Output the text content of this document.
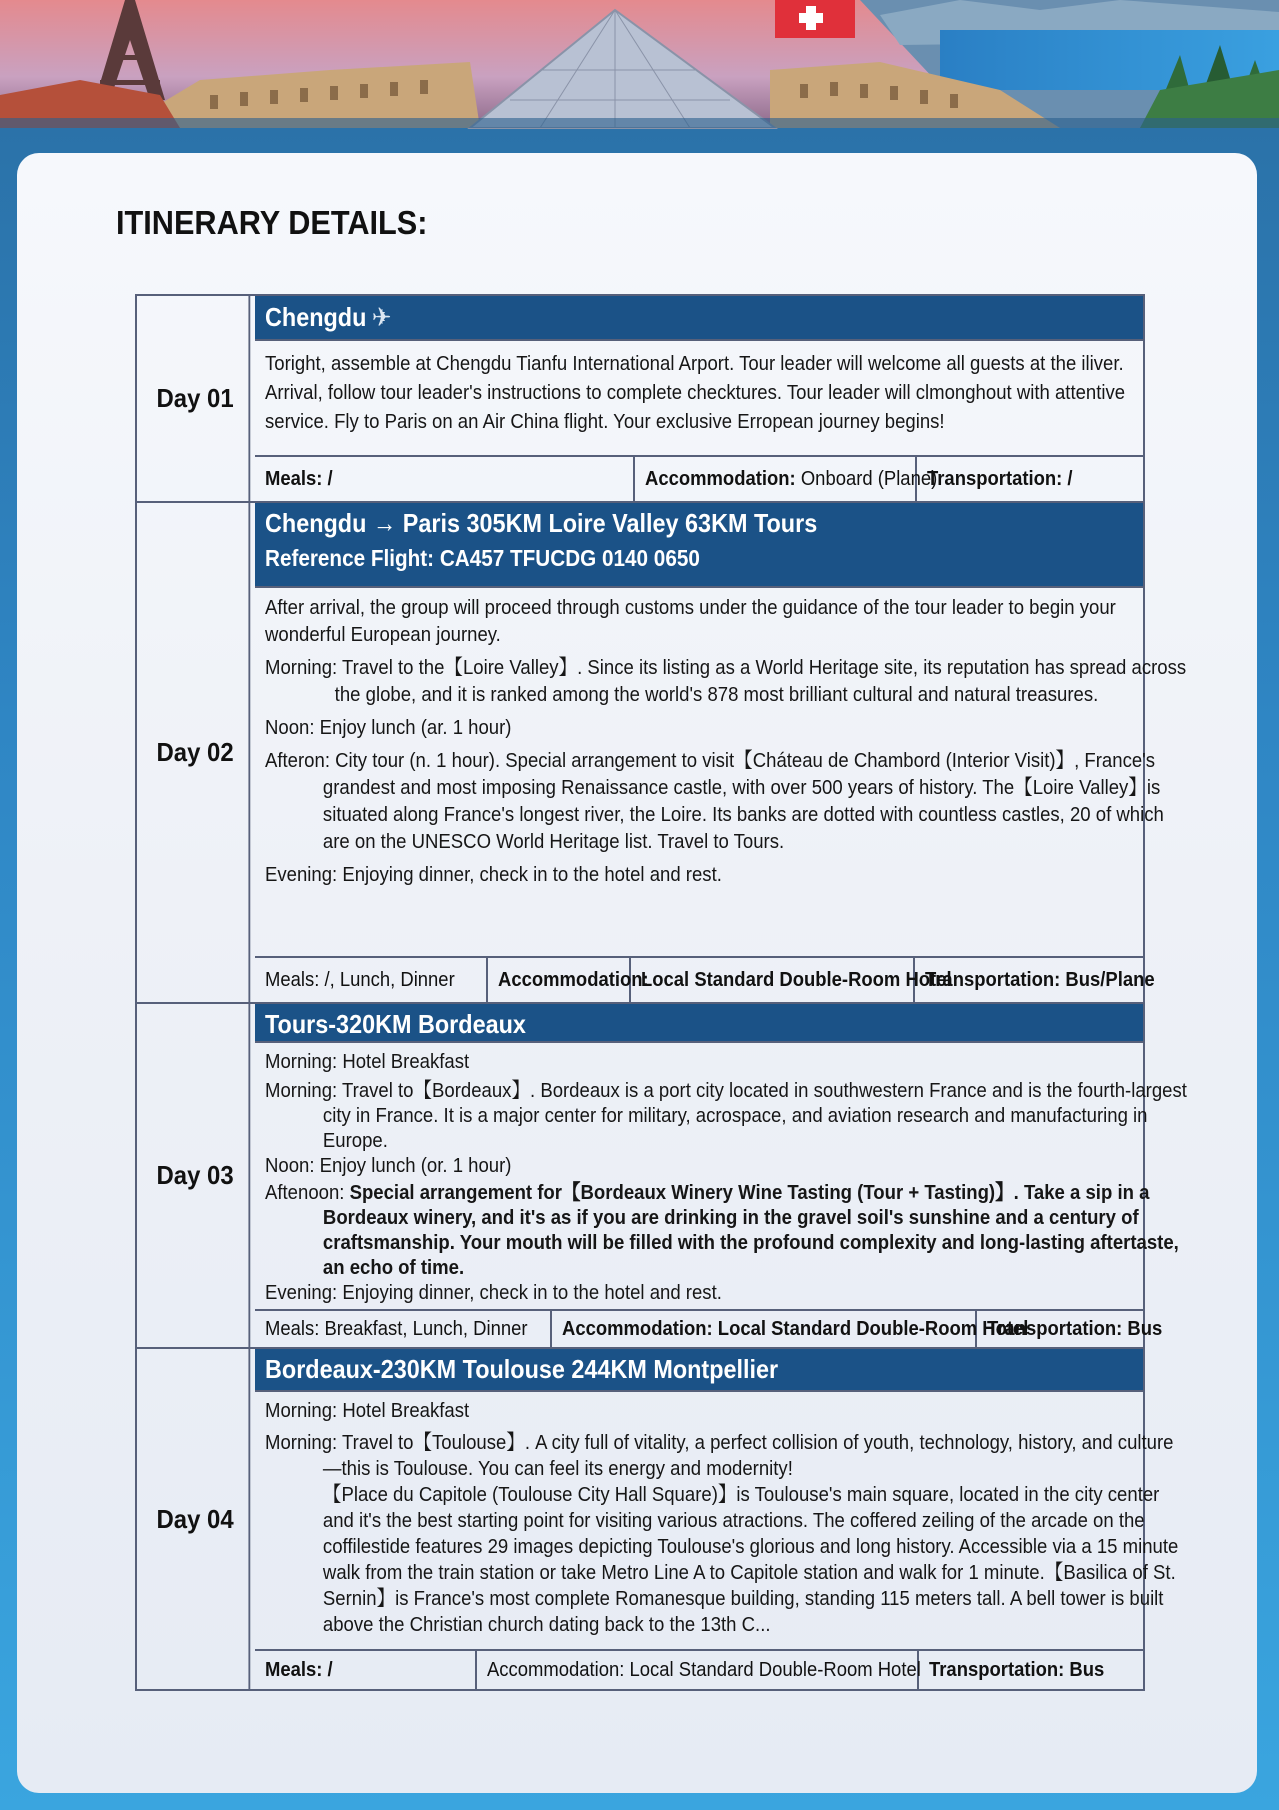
ITINERARY DETAILS:
Day 01
Chengdu ✈

Toright, assemble at Chengdu Tianfu International Arport. Tour leader will welcome all guests at the iliver. Arrival, follow tour leader's instructions to complete checktures. Tour leader will clmonghout with attentive service. Fly to Paris on an Air China flight. Your exclusive Erropean journey begins!

Meals: /	Accommodation: Onboard (Plane)
Transportation: /
Day 02
Chengdu → Paris 305KM Loire Valley 63KM Tours
Reference Flight: CA457 TFUCDG 0140 0650

After arrival, the group will proceed through customs under the guidance of the tour leader to begin your wonderful European journey.

Morning: Travel to the【Loire Valley】. Since its listing as a World Heritage site, its reputation has spread across the globe, and it is ranked among the world's 878 most brilliant cultural and natural treasures.

Noon: Enjoy lunch (ar. 1 hour)

Afteron: City tour (n. 1 hour). Special arrangement to visit【Cháteau de Chambord (Interior Visit)】, France's grandest and most imposing Renaissance castle, with over 500 years of history. The【Loire Valley】is situated along France's longest river, the Loire. Its banks are dotted with countless castles, 20 of which are on the UNESCO World Heritage list. Travel to Tours.

Evening: Enjoying dinner, check in to the hotel and rest.

Meals: /, Lunch, Dinner Accommodation:
Local Standard Double-Room Hotel
Transportation: Bus/Plane
Day 03
Tours-320KM Bordeaux

Morning: Hotel Breakfast

Morning: Travel to【Bordeaux】. Bordeaux is a port city located in southwestern France and is the fourth-largest city in France. It is a major center for military, acrospace, and aviation research and manufacturing in Europe.

Noon: Enjoy lunch (or. 1 hour)

Aftenoon: Special arrangement for【Bordeaux Winery Wine Tasting (Tour + Tasting)】. Take a sip in a Bordeaux winery, and it's as if you are drinking in the gravel soil's sunshine and a century of craftsmanship. Your mouth will be filled with the profound complexity and long-lasting aftertaste, an echo of time.

Evening: Enjoying dinner, check in to the hotel and rest.

Meals: Breakfast, Lunch, Dinner Accommodation: Local Standard Double-Room Hotel
Transportation: Bus
Day 04
Bordeaux-230KM Toulouse 244KM Montpellier

Morning: Hotel Breakfast

Morning: Travel to【Toulouse】. A city full of vitality, a perfect collision of youth, technology, history, and culture—this is Toulouse. You can feel its energy and modernity!

【Place du Capitole (Toulouse City Hall Square)】is Toulouse's main square, located in the city center and it's the best starting point for visiting various atractions. The coffered zeiling of the arcade on the coffilestide features 29 images depicting Toulouse's glorious and long history. Accessible via a 15 minute walk from the train station or take Metro Line A to Capitole station and walk for 1 minute.【Basilica of St. Sernin】is France's most complete Romanesque building, standing 115 meters tall. A bell tower is built above the Christian church dating back to the 13th C...

Meals: /	Accommodation: Local Standard Double-Room Hotel Transportation: Bus
